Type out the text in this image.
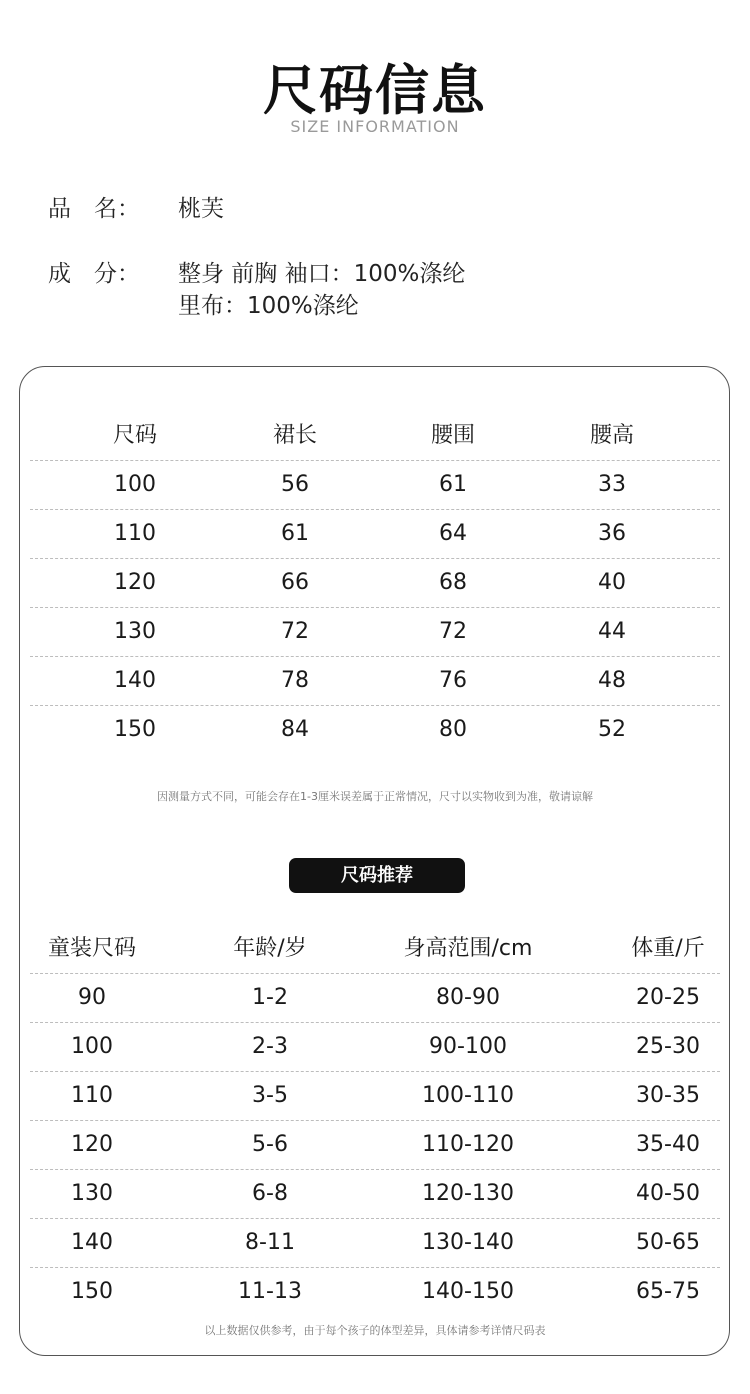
尺码信息
SIZE INFORMATION
品　名： 桃芙
成　分： 整身 前胸 袖口：100%涤纶
里布：100%涤纶
尺码	裙长	腰围	腰高
100	56	61	33
110	61	64	36
120	66	68	40
130	72	72	44
140	78	76	48
150	84	80	52
因测量方式不同，可能会存在1-3厘米误差属于正常情况，尺寸以实物收到为准，敬请谅解
尺码推荐
童装尺码	年龄/岁	身高范围/cm	体重/斤
90	1-2	80-90	20-25
100	2-3	90-100	25-30
110	3-5	100-110	30-35
120	5-6	110-120	35-40
130	6-8	120-130	40-50
140	8-11	130-140	50-65
150	11-13	140-150	65-75
以上数据仅供参考，由于每个孩子的体型差异，具体请参考详情尺码表
